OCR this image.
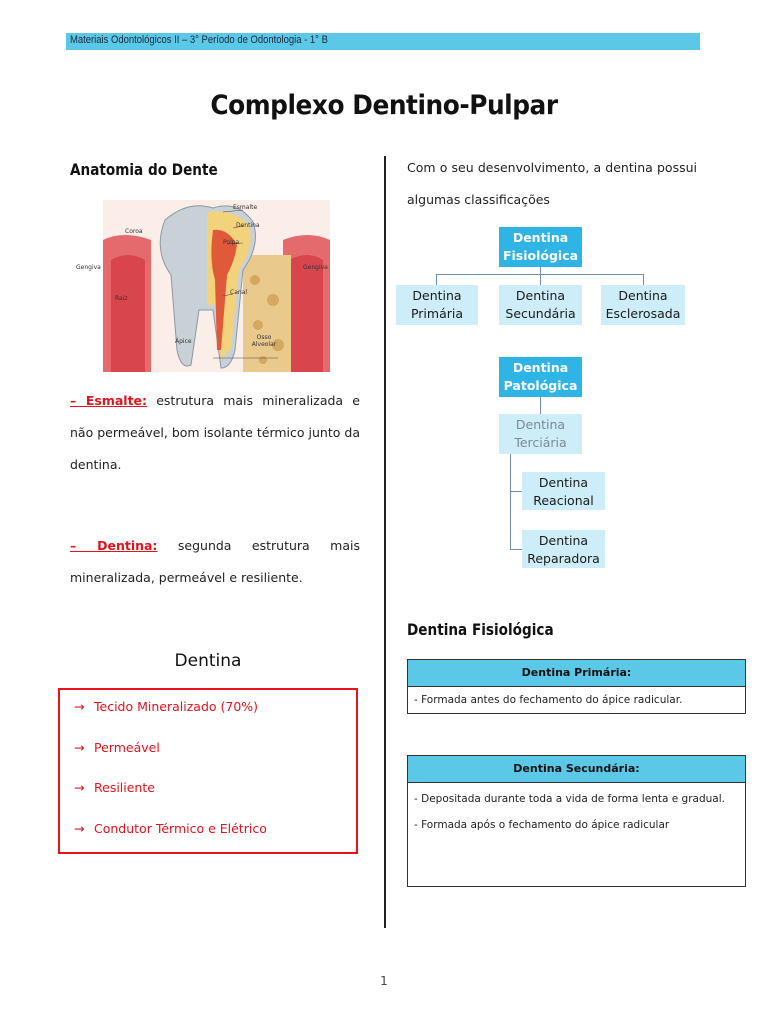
Materiais Odontológicos II – 3° Período de Odontologia - 1° B
Complexo Dentino-Pulpar
Anatomia do Dente
Esmalte
Coroa
Dentina
Polpa
Gengiva	Gengiva
Raiz
Canal
Ápice
Osso Alveolar
– Esmalte: estrutura mais mineralizada e não permeável, bom isolante térmico junto da dentina.
– Dentina: segunda estrutura mais mineralizada, permeável e resiliente.
Dentina
→ Tecido Mineralizado (70%)
→ Permeável
→ Resiliente
→ Condutor Térmico e Elétrico
Com o seu desenvolvimento, a dentina possui algumas classificações
Dentina Fisiológica
Dentina Primária
Dentina Secundária
Dentina Esclerosada
Dentina Patológica
Dentina Terciária
Dentina Reacional
Dentina Reparadora
Dentina Fisiológica
Dentina Primária:
- Formada antes do fechamento do ápice radicular.
Dentina Secundária:
- Depositada durante toda a vida de forma lenta e gradual.
- Formada após o fechamento do ápice radicular
1
